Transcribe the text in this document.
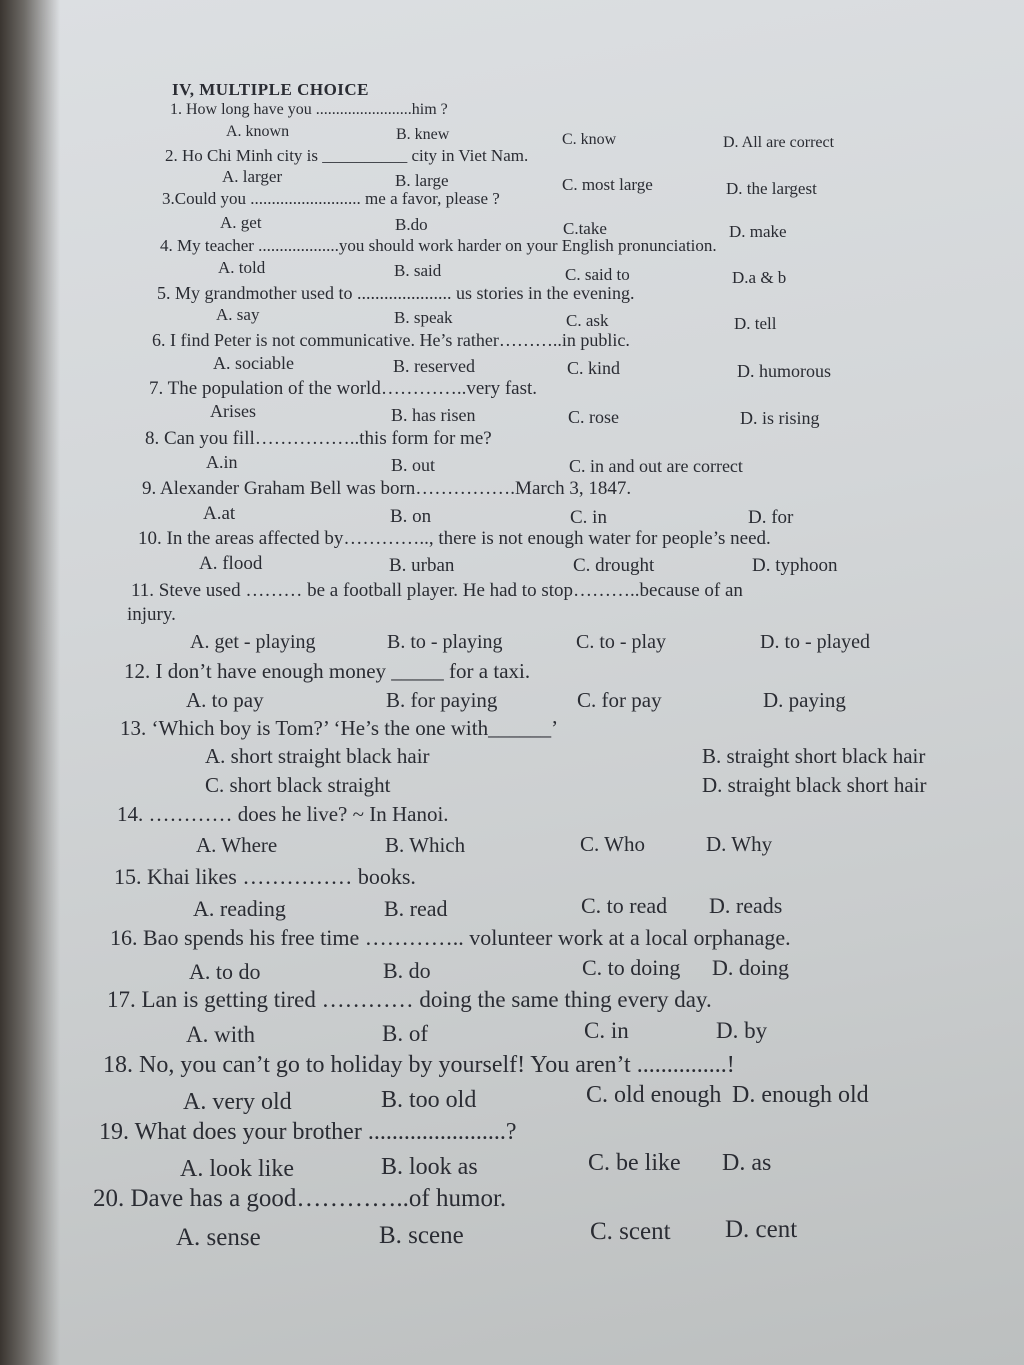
IV, MULTIPLE CHOICE
1. How long have you ........................him ?
A. known	B. knew	C. know	D. All are correct
2. Ho Chi Minh city is __________ city in Viet Nam.
A. larger	B. large	C. most large	D. the largest
3.Could you .......................... me a favor, please ?
A. get	B.do	C.take	D. make
4. My teacher ...................you should work harder on your English pronunciation.
A. told	B. said	C. said to	D.a & b
5. My grandmother used to ..................... us stories in the evening.
A. say	B. speak	C. ask	D. tell
6. I find Peter is not communicative. He’s rather………..in public.
A. sociable	B. reserved	C. kind	D. humorous
7. The population of the world…………..very fast.
Arises	B. has risen	C. rose	D. is rising
8. Can you fill……………..this form for me?
A.in	B. out	C. in and out are correct
9. Alexander Graham Bell was born…………….March 3, 1847.
A.at	B. on	C. in	D. for
10. In the areas affected by………….., there is not enough water for people’s need.
A. flood	B. urban	C. drought	D. typhoon
11. Steve used ……… be a football player. He had to stop………..because of an
injury.
A. get - playing	B. to - playing	C. to - play	D. to - played
12. I don’t have enough money _____ for a taxi.
A. to pay	B. for paying	C. for pay	D. paying
13. ‘Which boy is Tom?’ ‘He’s the one with______’
A. short straight black hair	B. straight short black hair
C. short black straight	D. straight black short hair
14. ………… does he live? ~ In Hanoi.
A. Where	B. Which	C. Who	D. Why
15. Khai likes …………… books.
A. reading	B. read	C. to read D. reads
16. Bao spends his free time ………….. volunteer work at a local orphanage.
A. to do	B. do	C. to doing D. doing
17. Lan is getting tired ………… doing the same thing every day.
A. with	B. of	C. in	D. by
18. No, you can’t go to holiday by yourself! You aren’t ...............!
A. very old	B. too old	C. old enough D. enough old
19. What does your brother .......................?
A. look like	B. look as	C. be like D. as
20. Dave has a good…………..of humor.
A. sense	B. scene	C. scent D. cent
